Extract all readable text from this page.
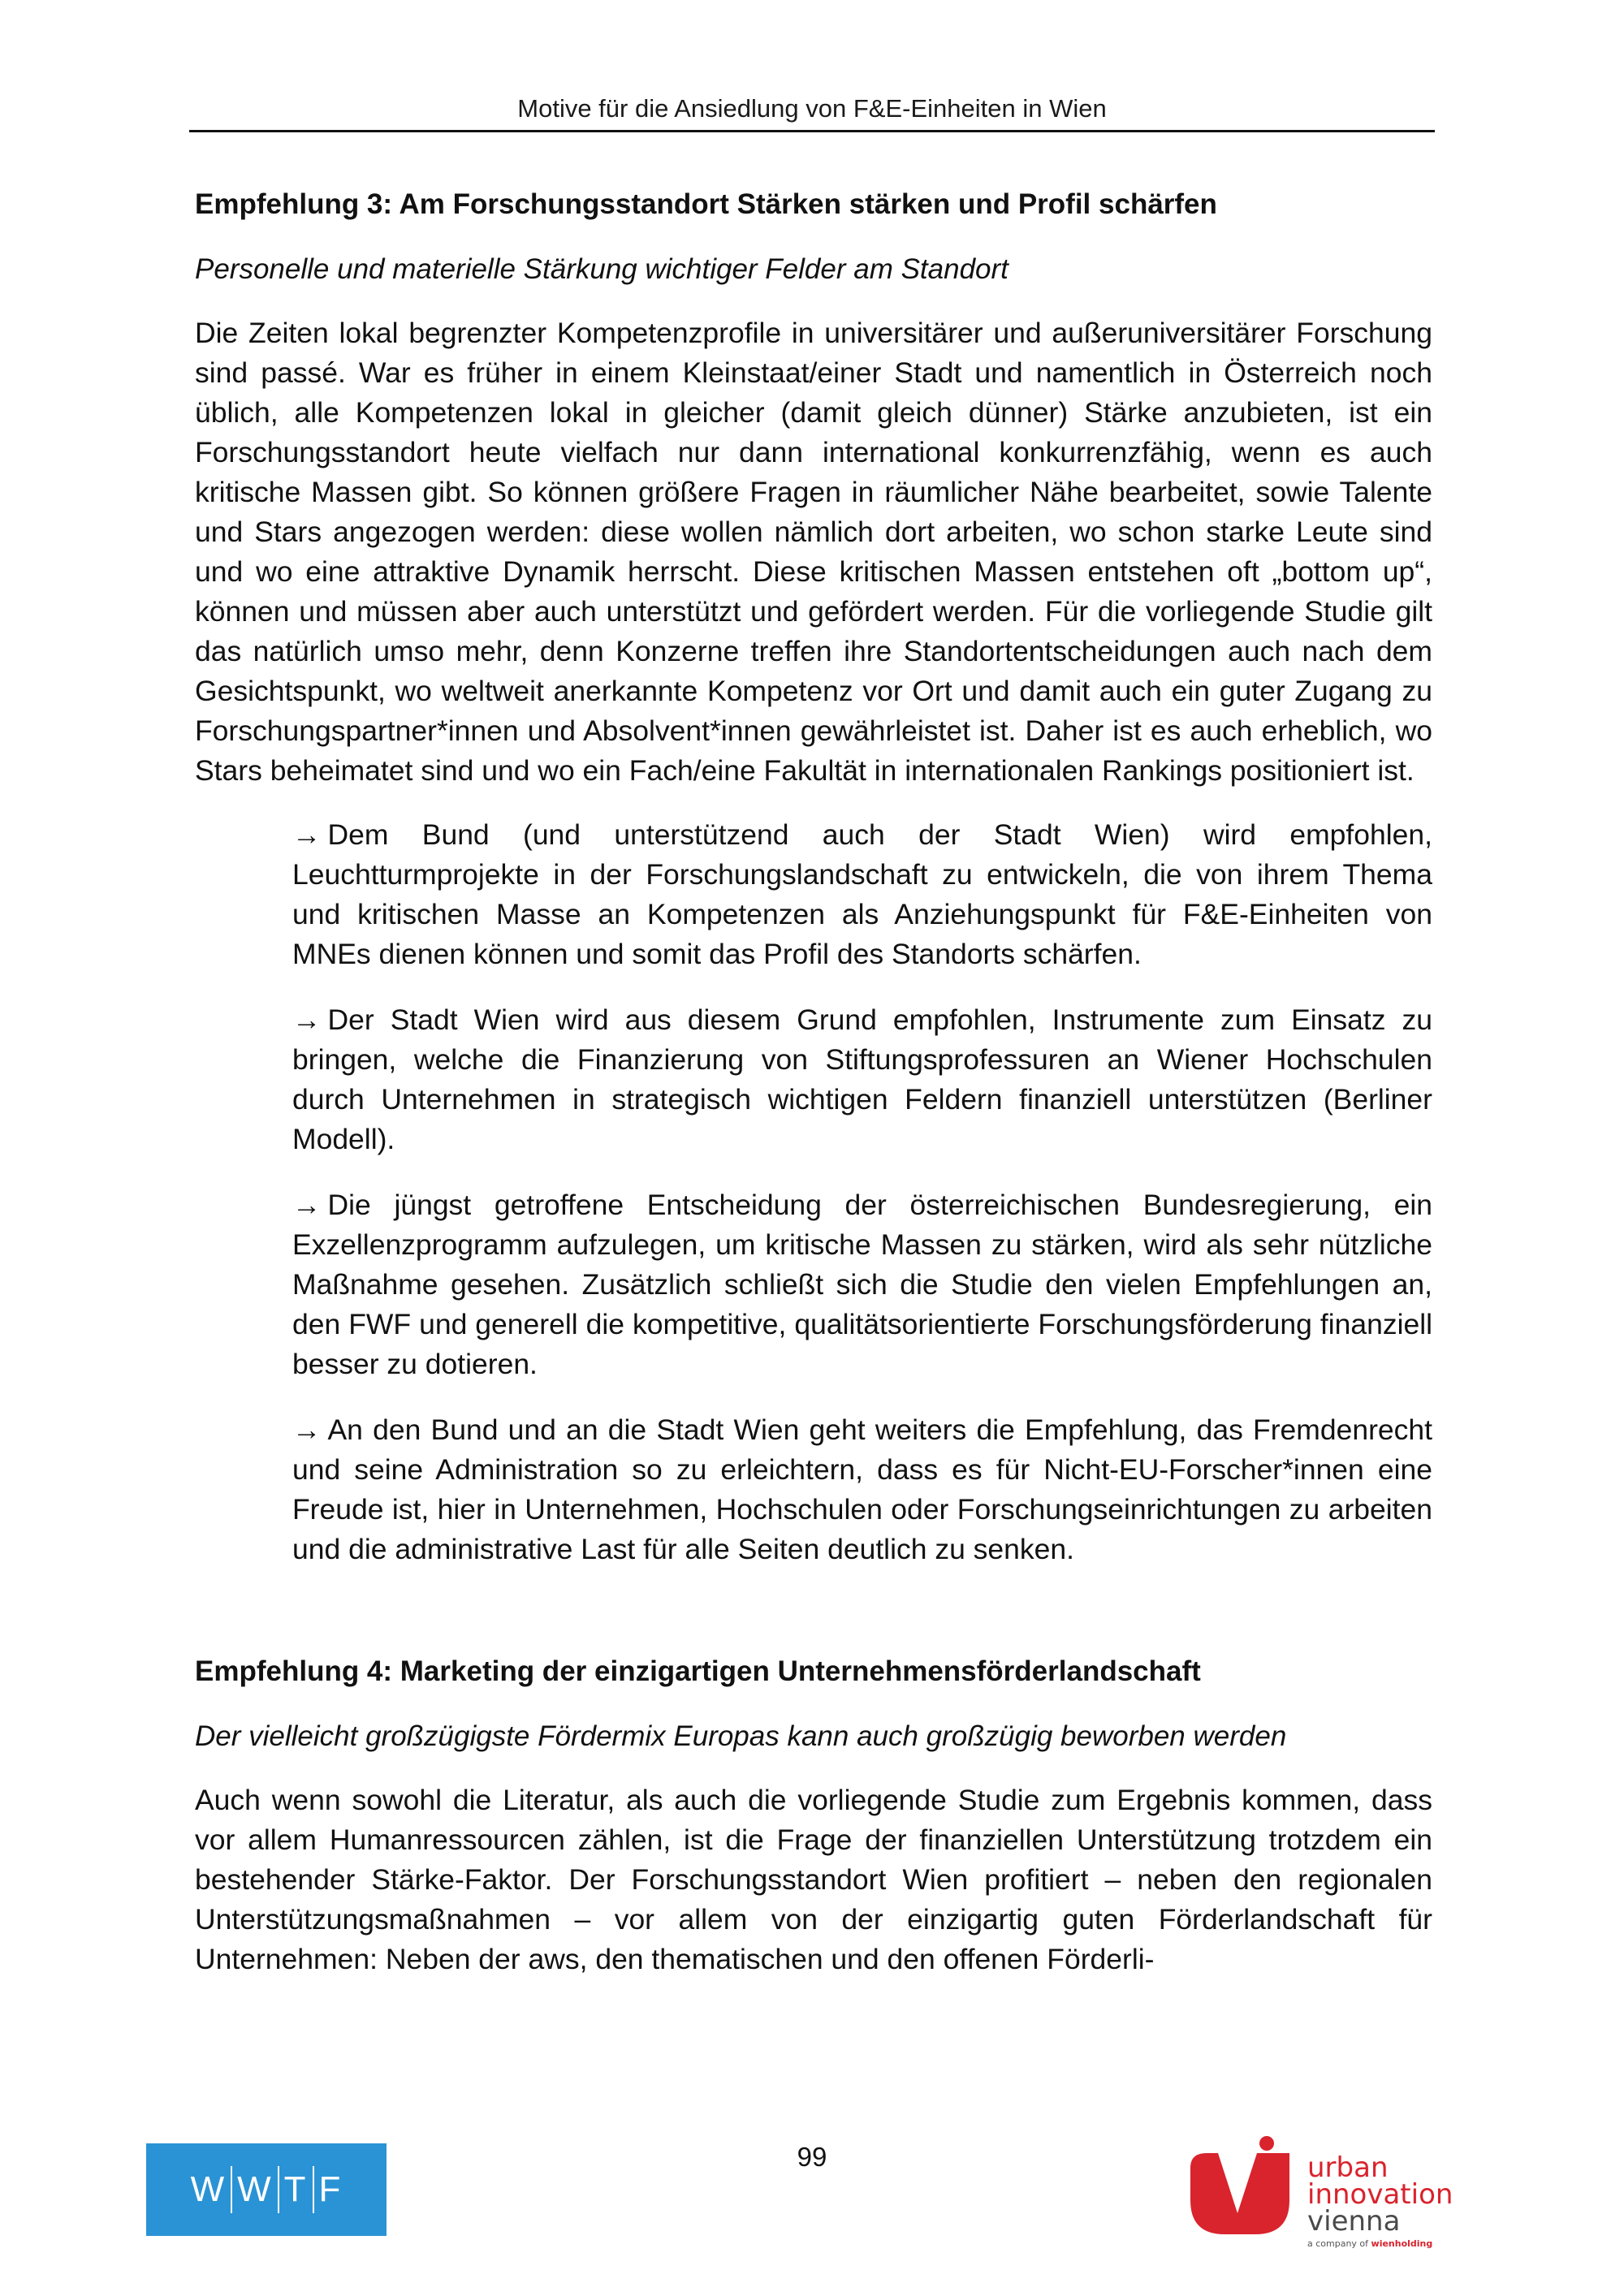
Motive für die Ansiedlung von F&E-Einheiten in Wien
Empfehlung 3: Am Forschungsstandort Stärken stärken und Profil schärfen
Personelle und materielle Stärkung wichtiger Felder am Standort

Die Zeiten lokal begrenzter Kompetenzprofile in universitärer und außeruniversitärer Forschung sind passé. War es früher in einem Kleinstaat/einer Stadt und namentlich in Österreich noch üblich, alle Kompetenzen lokal in gleicher (damit gleich dünner) Stärke anzubieten, ist ein Forschungsstandort heute vielfach nur dann international konkurrenzfähig, wenn es auch kritische Massen gibt. So können größere Fragen in räumlicher Nähe bearbeitet, sowie Talente und Stars angezogen werden: diese wollen nämlich dort arbeiten, wo schon starke Leute sind und wo eine attraktive Dynamik herrscht. Diese kritischen Massen entstehen oft „bottom up“, können und müssen aber auch unterstützt und gefördert werden. Für die vorliegende Studie gilt das natürlich umso mehr, denn Konzerne treffen ihre Standortentscheidungen auch nach dem Gesichtspunkt, wo weltweit anerkannte Kompetenz vor Ort und damit auch ein guter Zugang zu Forschungspartner*innen und Absolvent*innen gewährleistet ist. Daher ist es auch erheblich, wo Stars beheimatet sind und wo ein Fach/eine Fakultät in internationalen Rankings positioniert ist.

→ Dem Bund (und unterstützend auch der Stadt Wien) wird empfohlen, Leuchtturmprojekte in der Forschungslandschaft zu entwickeln, die von ihrem Thema und kritischen Masse an Kompetenzen als Anziehungspunkt für F&E-Einheiten von MNEs dienen können und somit das Profil des Standorts schärfen.
→ Der Stadt Wien wird aus diesem Grund empfohlen, Instrumente zum Einsatz zu bringen, welche die Finanzierung von Stiftungsprofessuren an Wiener Hochschulen durch Unternehmen in strategisch wichtigen Feldern finanziell unterstützen (Berliner Modell).
→ Die jüngst getroffene Entscheidung der österreichischen Bundesregierung, ein Exzellenzprogramm aufzulegen, um kritische Massen zu stärken, wird als sehr nützliche Maßnahme gesehen. Zusätzlich schließt sich die Studie den vielen Empfehlungen an, den FWF und generell die kompetitive, qualitätsorientierte Forschungsförderung finanziell besser zu dotieren.
→ An den Bund und an die Stadt Wien geht weiters die Empfehlung, das Fremdenrecht und seine Administration so zu erleichtern, dass es für Nicht-EU-Forscher*innen eine Freude ist, hier in Unternehmen, Hochschulen oder Forschungseinrichtungen zu arbeiten und die administrative Last für alle Seiten deutlich zu senken.
Empfehlung 4: Marketing der einzigartigen Unternehmensförderlandschaft
Der vielleicht großzügigste Fördermix Europas kann auch großzügig beworben werden

Auch wenn sowohl die Literatur, als auch die vorliegende Studie zum Ergebnis kommen, dass vor allem Humanressourcen zählen, ist die Frage der finanziellen Unterstützung trotzdem ein bestehender Stärke-Faktor. Der Forschungsstandort Wien profitiert – neben den regionalen Unterstützungsmaßnahmen – vor allem von der einzigartig guten Förderlandschaft für Unternehmen: Neben der aws, den thematischen und den offenen Förderli-

99
W W T F
urban
innovation
vienna
a company of wienholding
